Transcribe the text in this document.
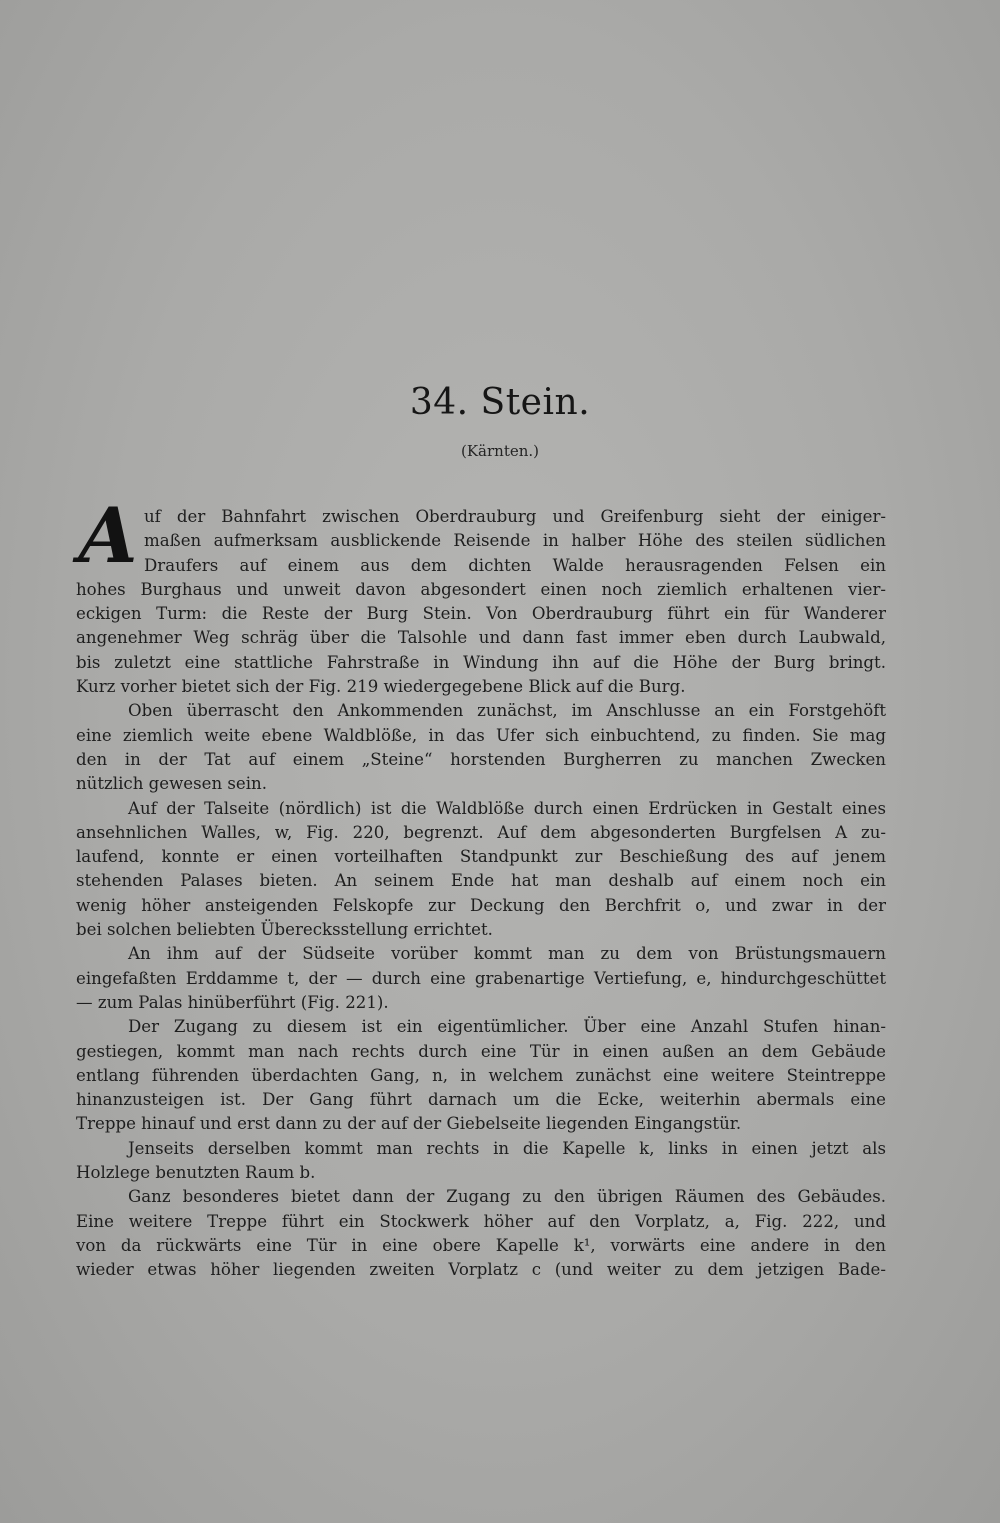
34. Stein.
(Kärnten.)
A uf der Bahnfahrt zwischen Oberdrauburg und Greifenburg sieht der einiger-
maßen aufmerksam ausblickende Reisende in halber Höhe des steilen südlichen
Draufers auf einem aus dem dichten Walde herausragenden Felsen ein
hohes Burghaus und unweit davon abgesondert einen noch ziemlich erhaltenen vier-
eckigen Turm: die Reste der Burg Stein. Von Oberdrauburg führt ein für Wanderer
angenehmer Weg schräg über die Talsohle und dann fast immer eben durch Laubwald,
bis zuletzt eine stattliche Fahrstraße in Windung ihn auf die Höhe der Burg bringt.
Kurz vorher bietet sich der Fig. 219 wiedergegebene Blick auf die Burg.
Oben überrascht den Ankommenden zunächst, im Anschlusse an ein Forstgehöft
eine ziemlich weite ebene Waldblöße, in das Ufer sich einbuchtend, zu finden. Sie mag
den in der Tat auf einem „Steine“ horstenden Burgherren zu manchen Zwecken
nützlich gewesen sein.
Auf der Talseite (nördlich) ist die Waldblöße durch einen Erdrücken in Gestalt eines
ansehnlichen Walles, w, Fig. 220, begrenzt. Auf dem abgesonderten Burgfelsen A zu-
laufend, konnte er einen vorteilhaften Standpunkt zur Beschießung des auf jenem
stehenden Palases bieten. An seinem Ende hat man deshalb auf einem noch ein
wenig höher ansteigenden Felskopfe zur Deckung den Berchfrit o, und zwar in der
bei solchen beliebten Überecksstellung errichtet.
An ihm auf der Südseite vorüber kommt man zu dem von Brüstungsmauern
eingefaßten Erddamme t, der — durch eine grabenartige Vertiefung, e, hindurchgeschüttet
— zum Palas hinüberführt (Fig. 221).
Der Zugang zu diesem ist ein eigentümlicher. Über eine Anzahl Stufen hinan-
gestiegen, kommt man nach rechts durch eine Tür in einen außen an dem Gebäude
entlang führenden überdachten Gang, n, in welchem zunächst eine weitere Steintreppe
hinanzusteigen ist. Der Gang führt darnach um die Ecke, weiterhin abermals eine
Treppe hinauf und erst dann zu der auf der Giebelseite liegenden Eingangstür.
Jenseits derselben kommt man rechts in die Kapelle k, links in einen jetzt als
Holzlege benutzten Raum b.
Ganz besonderes bietet dann der Zugang zu den übrigen Räumen des Gebäudes.
Eine weitere Treppe führt ein Stockwerk höher auf den Vorplatz, a, Fig. 222, und
von da rückwärts eine Tür in eine obere Kapelle k¹, vorwärts eine andere in den
wieder etwas höher liegenden zweiten Vorplatz c (und weiter zu dem jetzigen Bade-
